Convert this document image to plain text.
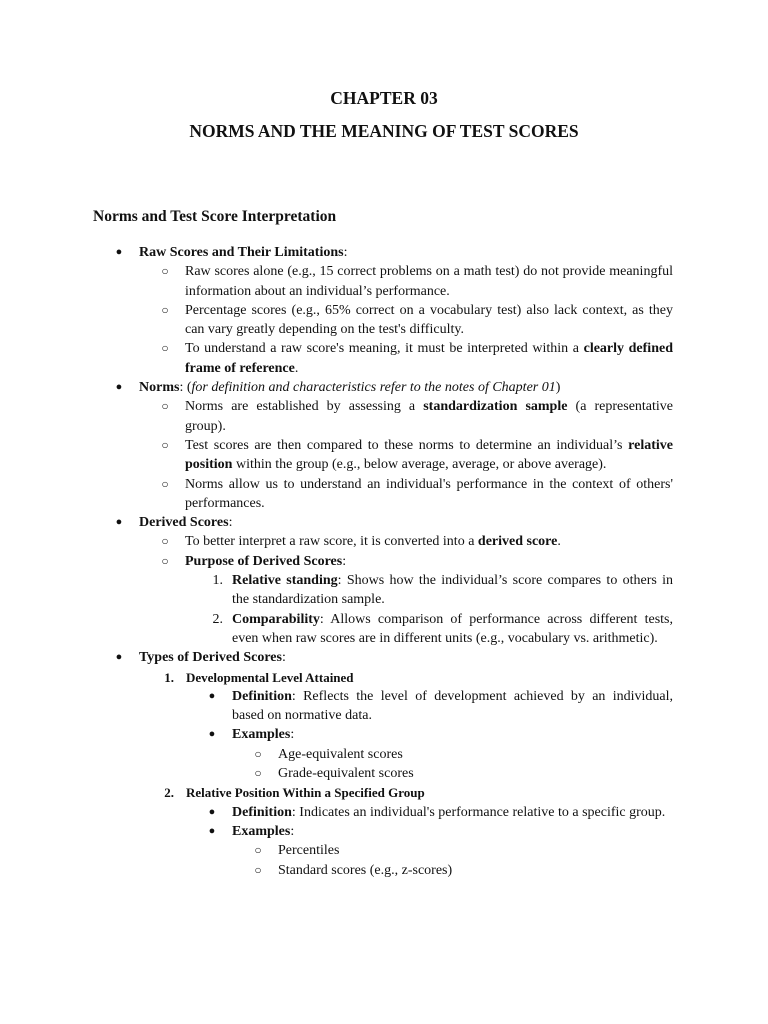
CHAPTER 03
NORMS AND THE MEANING OF TEST SCORES
Norms and Test Score Interpretation
● Raw Scores and Their Limitations:
○ Raw scores alone (e.g., 15 correct problems on a math test) do not provide meaningful information about an individual’s performance.
○ Percentage scores (e.g., 65% correct on a vocabulary test) also lack context, as they can vary greatly depending on the test's difficulty.
○ To understand a raw score's meaning, it must be interpreted within a clearly defined frame of reference.
● Norms: (for definition and characteristics refer to the notes of Chapter 01)
○ Norms are established by assessing a standardization sample (a representative group).
○ Test scores are then compared to these norms to determine an individual’s relative position within the group (e.g., below average, average, or above average).
○ Norms allow us to understand an individual's performance in the context of others' performances.
● Derived Scores:
○ To better interpret a raw score, it is converted into a derived score.
○ Purpose of Derived Scores:
1. Relative standing: Shows how the individual’s score compares to others in the standardization sample.
2. Comparability: Allows comparison of performance across different tests, even when raw scores are in different units (e.g., vocabulary vs. arithmetic).
● Types of Derived Scores:
1. Developmental Level Attained
● Definition: Reflects the level of development achieved by an individual, based on normative data.
● Examples:
○ Age-equivalent scores
○ Grade-equivalent scores
2. Relative Position Within a Specified Group
● Definition: Indicates an individual's performance relative to a specific group.
● Examples:
○ Percentiles
○ Standard scores (e.g., z-scores)
